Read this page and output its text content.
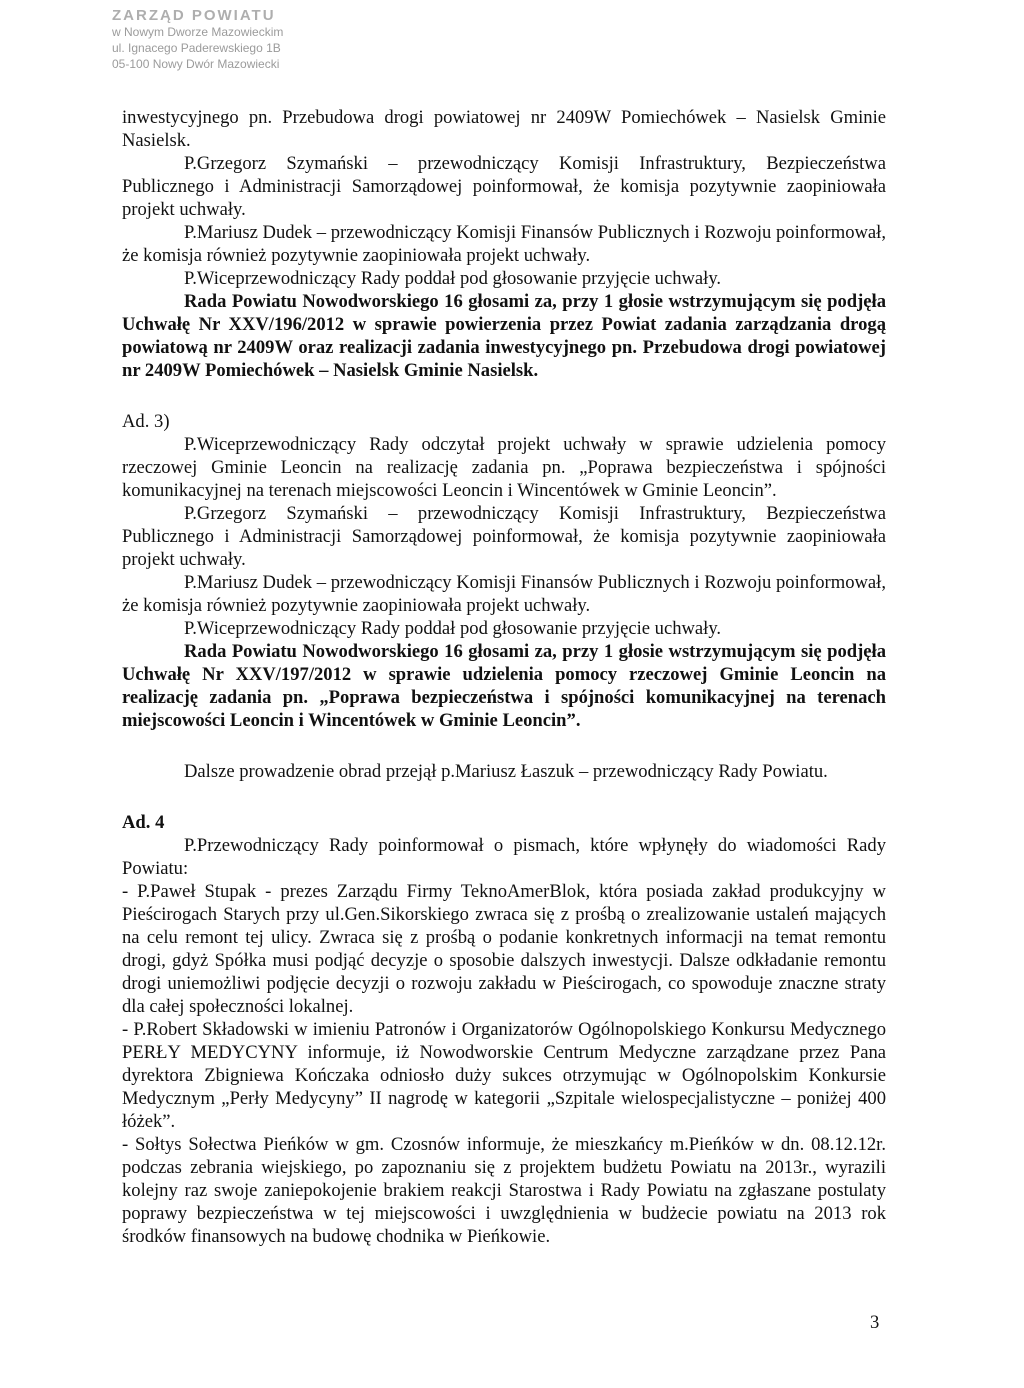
ZARZĄD POWIATU
w Nowym Dworze Mazowieckim
ul. Ignacego Paderewskiego 1B
05-100 Nowy Dwór Mazowiecki

inwestycyjnego pn. Przebudowa drogi powiatowej nr 2409W Pomiechówek – Nasielsk Gminie Nasielsk.

P.Grzegorz Szymański – przewodniczący Komisji Infrastruktury, Bezpieczeństwa Publicznego i Administracji Samorządowej poinformował, że komisja pozytywnie zaopiniowała projekt uchwały.

P.Mariusz Dudek – przewodniczący Komisji Finansów Publicznych i Rozwoju poinformował, że komisja również pozytywnie zaopiniowała projekt uchwały.

P.Wiceprzewodniczący Rady poddał pod głosowanie przyjęcie uchwały.

Rada Powiatu Nowodworskiego 16 głosami za, przy 1 głosie wstrzymującym się podjęła Uchwałę Nr XXV/196/2012 w sprawie powierzenia przez Powiat zadania zarządzania drogą powiatową nr 2409W oraz realizacji zadania inwestycyjnego pn. Przebudowa drogi powiatowej nr 2409W Pomiechówek – Nasielsk Gminie Nasielsk.

Ad. 3)

P.Wiceprzewodniczący Rady odczytał projekt uchwały w sprawie udzielenia pomocy rzeczowej Gminie Leoncin na realizację zadania pn. „Poprawa bezpieczeństwa i spójności komunikacyjnej na terenach miejscowości Leoncin i Wincentówek w Gminie Leoncin”.

P.Grzegorz Szymański – przewodniczący Komisji Infrastruktury, Bezpieczeństwa Publicznego i Administracji Samorządowej poinformował, że komisja pozytywnie zaopiniowała projekt uchwały.

P.Mariusz Dudek – przewodniczący Komisji Finansów Publicznych i Rozwoju poinformował, że komisja również pozytywnie zaopiniowała projekt uchwały.

P.Wiceprzewodniczący Rady poddał pod głosowanie przyjęcie uchwały.

Rada Powiatu Nowodworskiego 16 głosami za, przy 1 głosie wstrzymującym się podjęła Uchwałę Nr XXV/197/2012 w sprawie udzielenia pomocy rzeczowej Gminie Leoncin na realizację zadania pn. „Poprawa bezpieczeństwa i spójności komunikacyjnej na terenach miejscowości Leoncin i Wincentówek w Gminie Leoncin”.

Dalsze prowadzenie obrad przejął p.Mariusz Łaszuk – przewodniczący Rady Powiatu.

Ad. 4

P.Przewodniczący Rady poinformował o pismach, które wpłynęły do wiadomości Rady Powiatu:

- P.Paweł Stupak - prezes Zarządu Firmy TeknoAmerBlok, która posiada zakład produkcyjny w Pieścirogach Starych przy ul.Gen.Sikorskiego zwraca się z prośbą o zrealizowanie ustaleń mających na celu remont tej ulicy. Zwraca się z prośbą o podanie konkretnych informacji na temat remontu drogi, gdyż Spółka musi podjąć decyzje o sposobie dalszych inwestycji. Dalsze odkładanie remontu drogi uniemożliwi podjęcie decyzji o rozwoju zakładu w Pieścirogach, co spowoduje znaczne straty dla całej społeczności lokalnej.

- P.Robert Składowski w imieniu Patronów i Organizatorów Ogólnopolskiego Konkursu Medycznego PERŁY MEDYCYNY informuje, iż Nowodworskie Centrum Medyczne zarządzane przez Pana dyrektora Zbigniewa Kończaka odniosło duży sukces otrzymując w Ogólnopolskim Konkursie Medycznym „Perły Medycyny” II nagrodę w kategorii „Szpitale wielospecjalistyczne – poniżej 400 łóżek”.

- Sołtys Sołectwa Pieńków w gm. Czosnów informuje, że mieszkańcy m.Pieńków w dn. 08.12.12r. podczas zebrania wiejskiego, po zapoznaniu się z projektem budżetu Powiatu na 2013r., wyrazili kolejny raz swoje zaniepokojenie brakiem reakcji Starostwa i Rady Powiatu na zgłaszane postulaty poprawy bezpieczeństwa w tej miejscowości i uwzględnienia w budżecie powiatu na 2013 rok środków finansowych na budowę chodnika w Pieńkowie.

3
